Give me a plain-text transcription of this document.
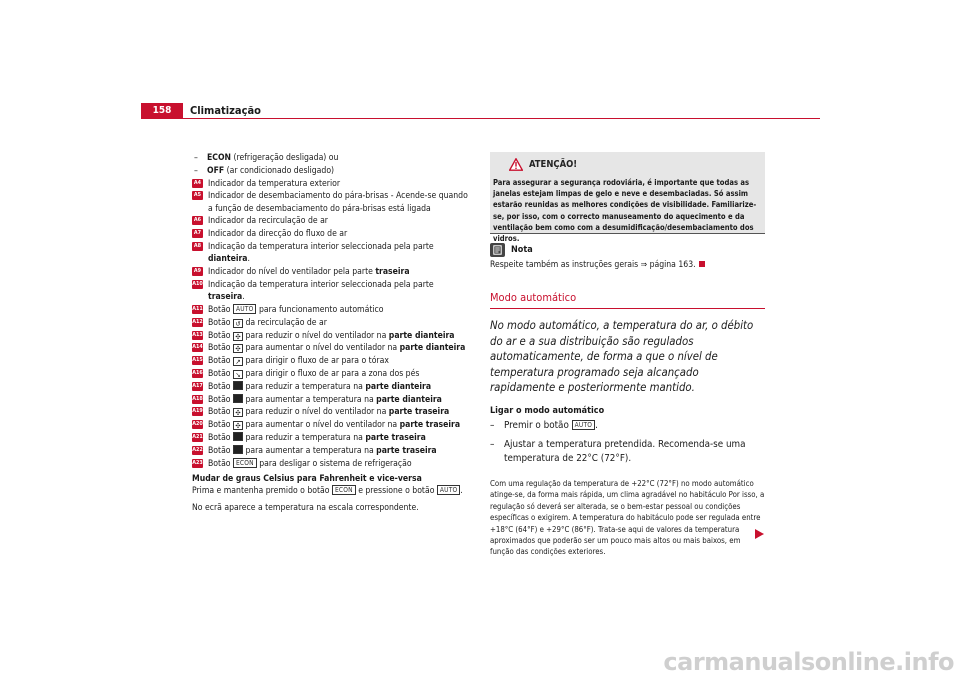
158	Climatização
– ECON (refrigeração desligada) ou
– OFF (ar condicionado desligado)
A4 Indicador da temperatura exterior
A5 Indicador de desembaciamento do pára-brisas - Acende-se quando a função de desembaciamento do pára-brisas está ligada
A6 Indicador da recirculação de ar
A7 Indicador da direcção do fluxo de ar
A8 Indicação da temperatura interior seleccionada pela parte dianteira.
A9 Indicador do nível do ventilador pela parte traseira
A10 Indicação da temperatura interior seleccionada pela parte traseira.
A11 Botão AUTO para funcionamento automático
A12 Botão ↺ da recirculação de ar
A13 Botão ✣ para reduzir o nível do ventilador na parte dianteira
A14 Botão ✣ para aumentar o nível do ventilador na parte dianteira
A15 Botão ↗ para dirigir o fluxo de ar para o tórax
A16 Botão ↘ para dirigir o fluxo de ar para a zona dos pés
A17 Botão  para reduzir a temperatura na parte dianteira
A18 Botão  para aumentar a temperatura na parte dianteira
A19 Botão ✣ para reduzir o nível do ventilador na parte traseira
A20 Botão ✣ para aumentar o nível do ventilador na parte traseira
A21 Botão  para reduzir a temperatura na parte traseira
A22 Botão  para aumentar a temperatura na parte traseira
A23 Botão ECON para desligar o sistema de refrigeração
Mudar de graus Celsius para Fahrenheit e vice-versa
Prima e mantenha premido o botão ECON e pressione o botão AUTO .
No ecrã aparece a temperatura na escala correspondente.
ATENÇÃO!
Para assegurar a segurança rodoviária, é importante que todas as janelas estejam limpas de gelo e neve e desembaciadas. Só assim estarão reunidas as melhores condições de visibilidade. Familiarize-se, por isso, com o correcto manuseamento do aquecimento e da ventilação bem como com a desumidificação/desembaciamento dos vidros.
Nota
Respeite também as instruções gerais ⇒ página 163.
Modo automático
No modo automático, a temperatura do ar, o débito do ar e a sua distribuição são regulados automaticamente, de forma a que o nível de temperatura programado seja alcançado rapidamente e posteriormente mantido.
Ligar o modo automático
– Premir o botão AUTO .
– Ajustar a temperatura pretendida. Recomenda-se uma temperatura de 22°C (72°F).
Com uma regulação da temperatura de +22°C (72°F) no modo automático atinge-se, da forma mais rápida, um clima agradável no habitáculo Por isso, a regulação só deverá ser alterada, se o bem-estar pessoal ou condições específicas o exigirem. A temperatura do habitáculo pode ser regulada entre +18°C (64°F) e +29°C (86°F). Trata-se aqui de valores da temperatura aproximados que poderão ser um pouco mais altos ou mais baixos, em função das condições exteriores.
carmanualsonline.info
